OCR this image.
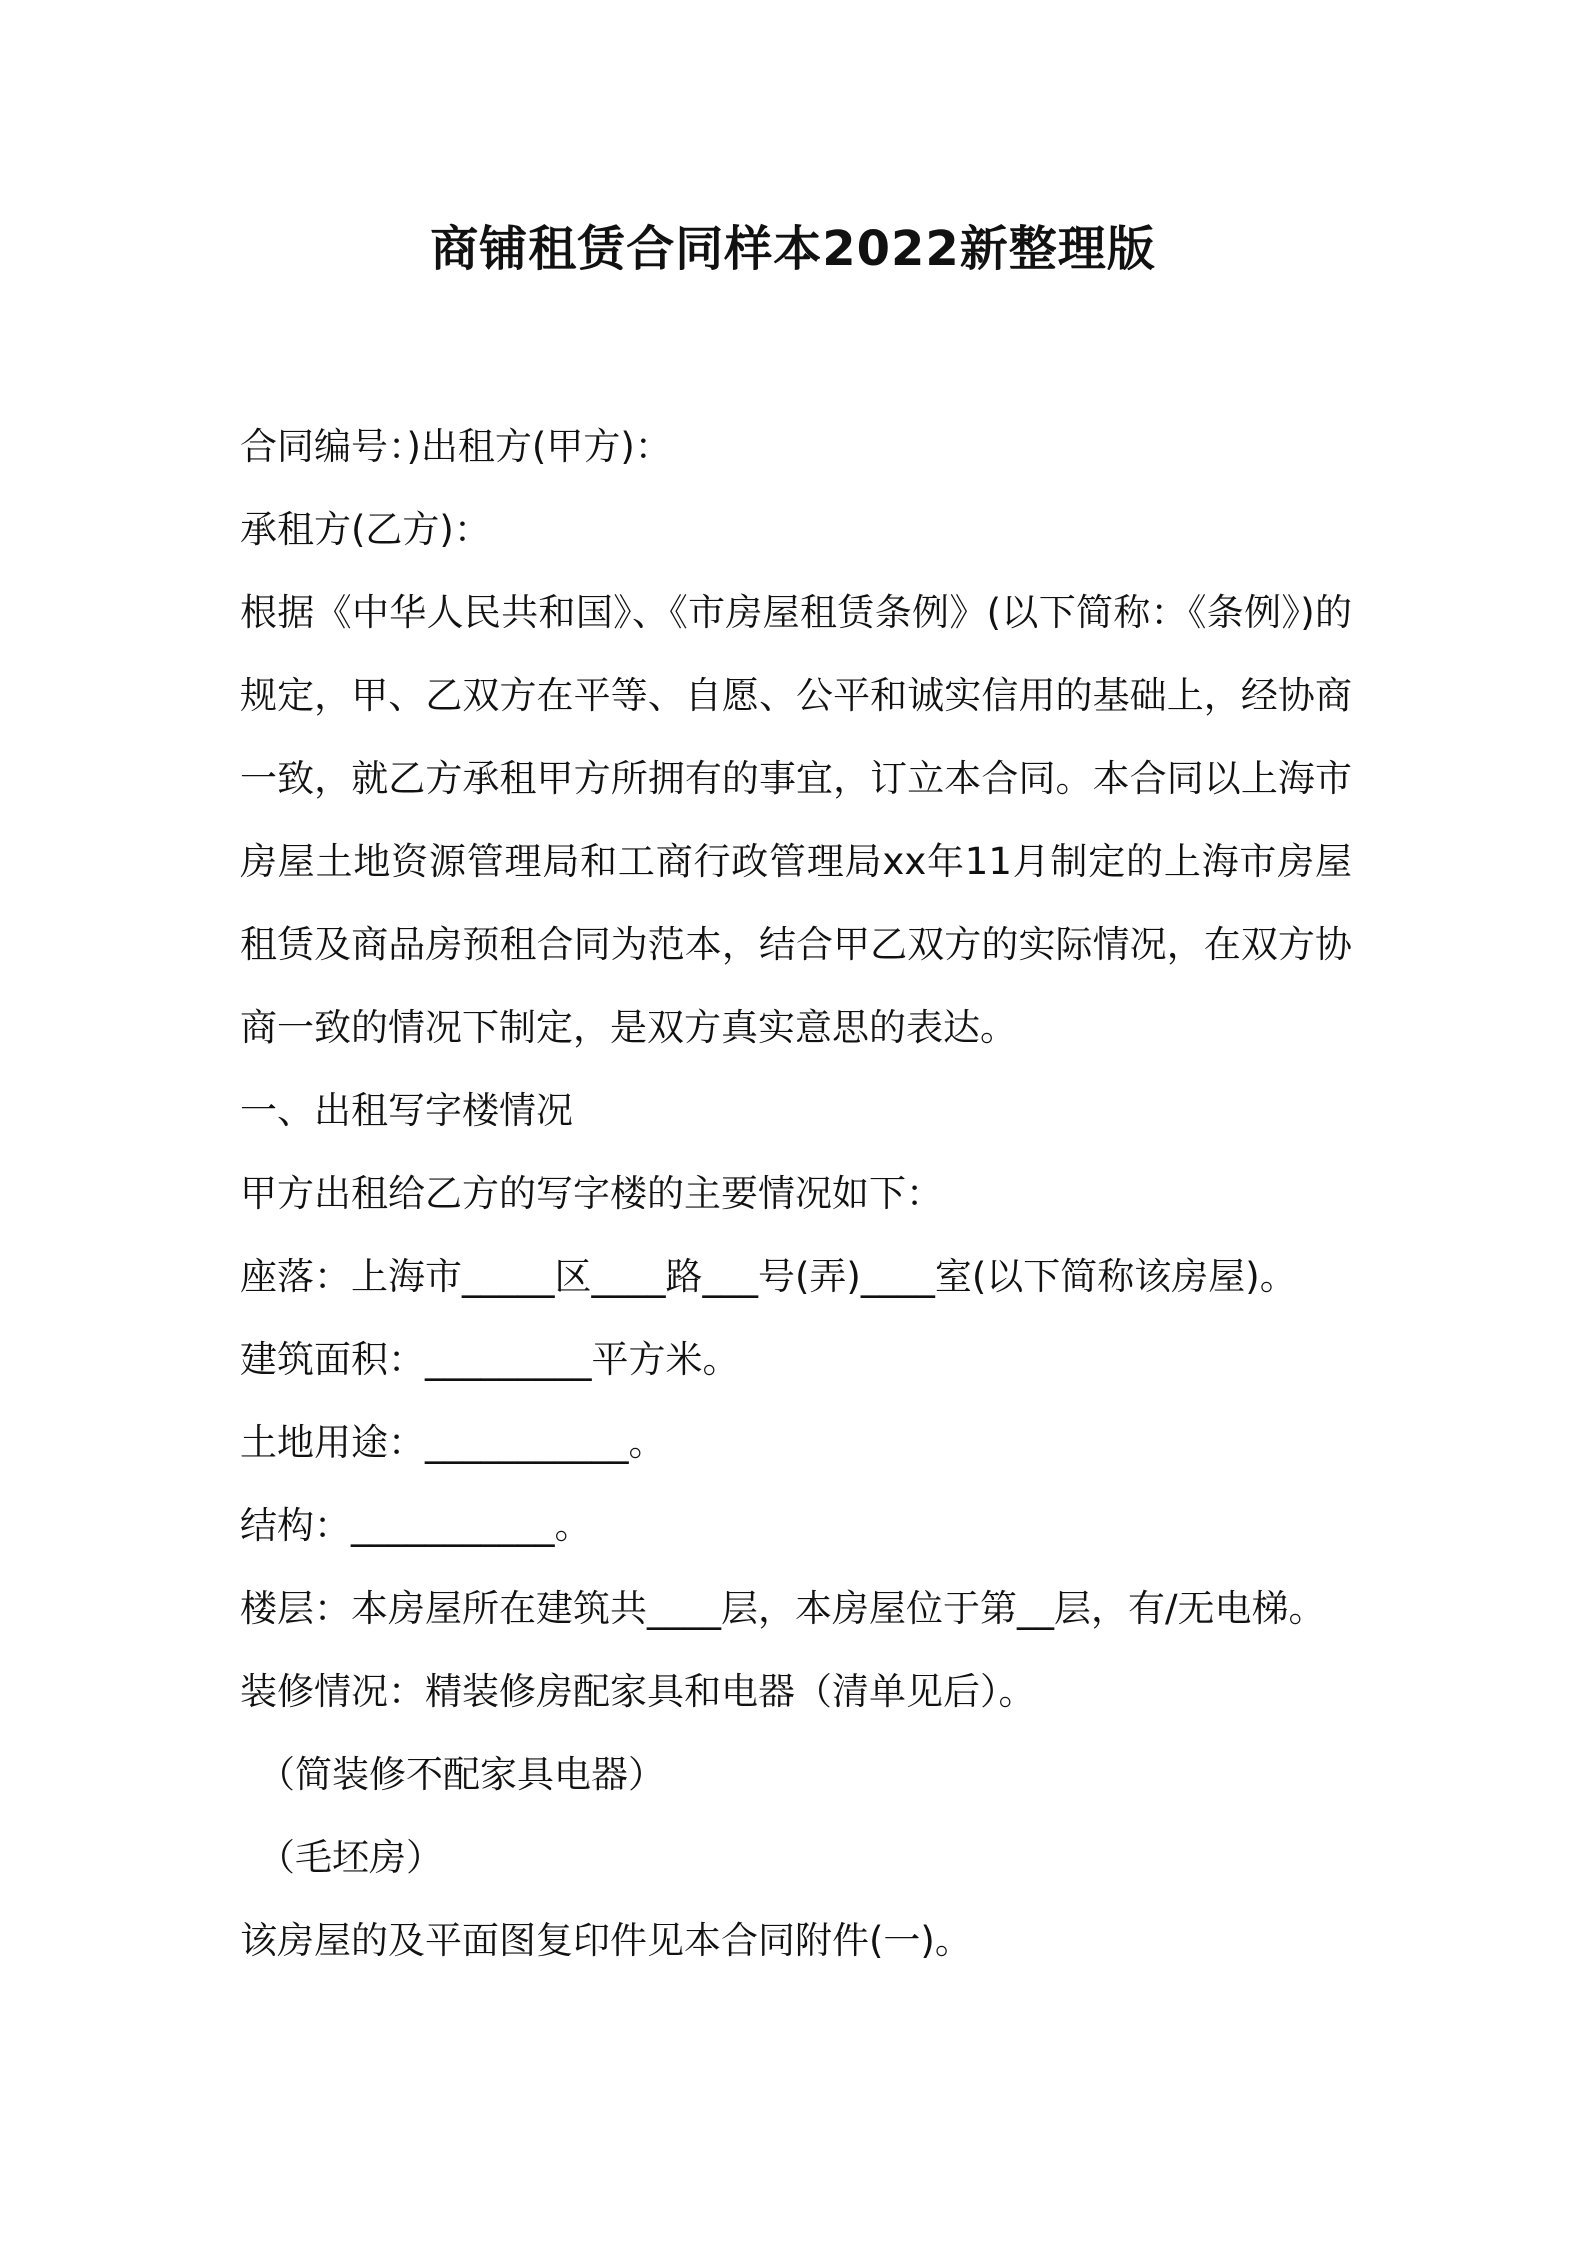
商铺租赁合同样本2022新整理版
合同编号：)出租方(甲方)：
承租方(乙方)：
根据《中华人民共和国》、《市房屋租赁条例》(以下简称：《条例》)的规定，甲、乙双方在平等、自愿、公平和诚实信用的基础上，经协商一致，就乙方承租甲方所拥有的事宜，订立本合同。本合同以上海市房屋土地资源管理局和工商行政管理局xx年11月制定的上海市房屋租赁及商品房预租合同为范本，结合甲乙双方的实际情况，在双方协商一致的情况下制定，是双方真实意思的表达。
一、出租写字楼情况
甲方出租给乙方的写字楼的主要情况如下：
座落：上海市_____区____路___号(弄)____室(以下简称该房屋)。
建筑面积：_________平方米。
土地用途：___________。
结构：___________。
楼层：本房屋所在建筑共____层，本房屋位于第__层，有/无电梯。
装修情况：精装修房配家具和电器（清单见后）。
（简装修不配家具电器）
（毛坯房）
该房屋的及平面图复印件见本合同附件(一)。
